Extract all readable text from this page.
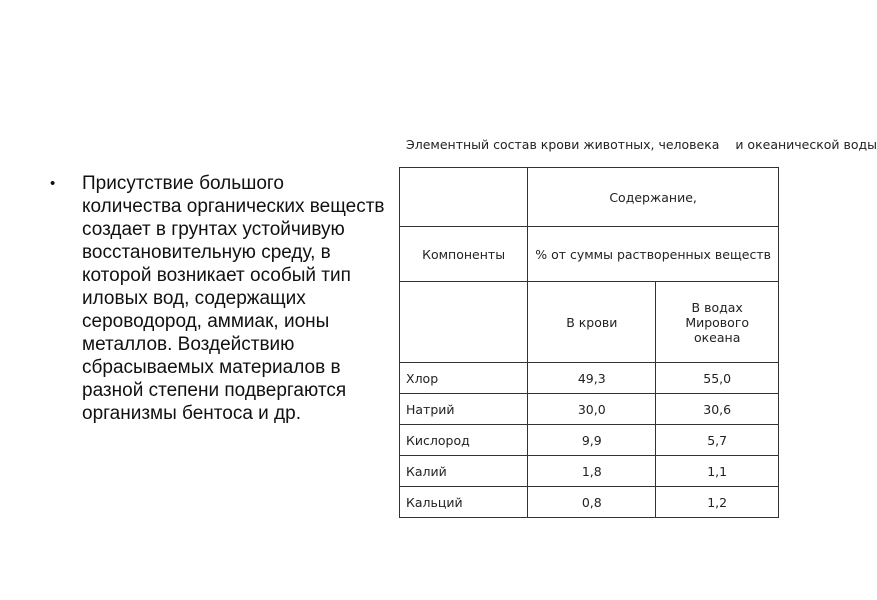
• Присутствие большого количества органических веществ создает в грунтах устойчивую восстановительную среду, в которой возникает особый тип иловых вод, содержащих сероводород, аммиак, ионы металлов. Воздействию сбрасываемых материалов в разной степени подвергаются организмы бентоса и др.
Элементный состав крови животных, человека    и океанической воды
	Содержание,	
Компоненты	% от суммы растворенных веществ	
	В крови	В водах Мирового океана
Хлор	49,3	55,0
Натрий	30,0	30,6
Кислород	9,9	5,7
Калий	1,8	1,1
Кальций	0,8	1,2
